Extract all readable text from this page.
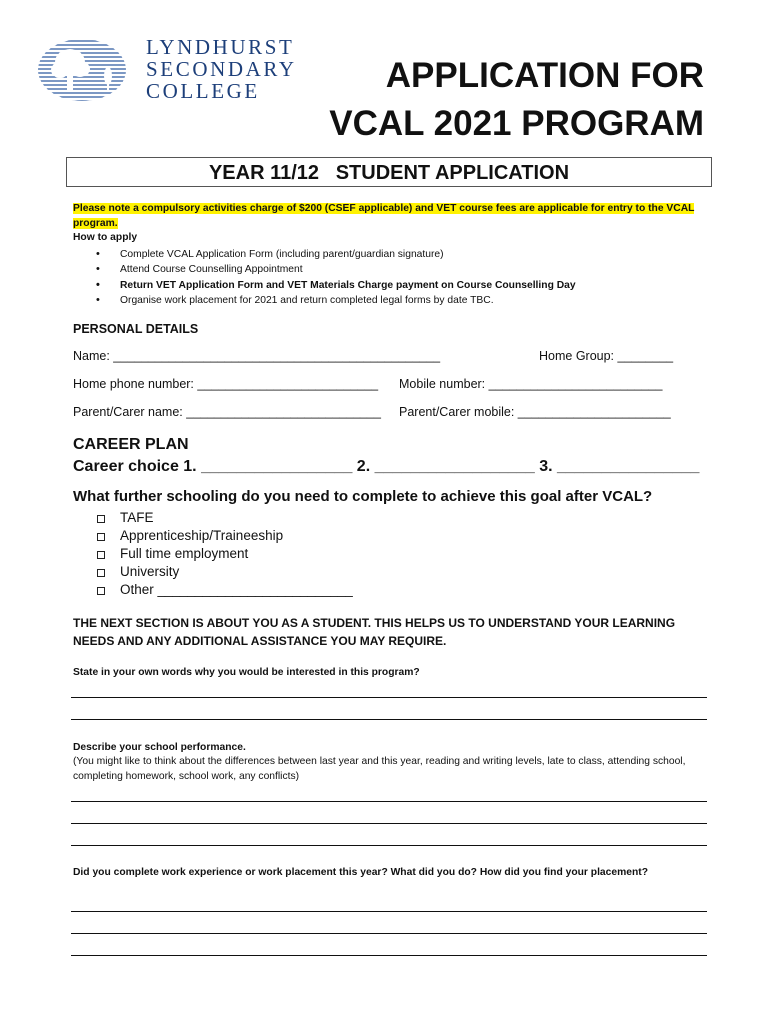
LYNDHURST
SECONDARY
COLLEGE	APPLICATION FOR
VCAL 2021 PROGRAM
YEAR 11/12   STUDENT APPLICATION
Please note a compulsory activities charge of $200 (CSEF applicable) and VET course fees are applicable for entry to the VCAL program.
How to apply
• Complete VCAL Application Form (including parent/guardian signature)
• Attend Course Counselling Appointment
• Return VET Application Form and VET Materials Charge payment on Course Counselling Day
• Organise work placement for 2021 and return completed legal forms by date TBC.
PERSONAL DETAILS
Name: _______________________________________________	Home Group: ________
Home phone number: __________________________ Mobile number: _________________________
Parent/Carer name: ____________________________ Parent/Carer mobile: ______________________
CAREER PLAN
Career choice 1. _________________ 2. __________________ 3. ________________
What further schooling do you need to complete to achieve this goal after VCAL?
TAFE
Apprenticeship/Traineeship
Full time employment
University
Other __________________________
THE NEXT SECTION IS ABOUT YOU AS A STUDENT. THIS HELPS US TO UNDERSTAND YOUR LEARNING NEEDS AND ANY ADDITIONAL ASSISTANCE YOU MAY REQUIRE.
State in your own words why you would be interested in this program?
Describe your school performance.
(You might like to think about the differences between last year and this year, reading and writing levels, late to class, attending school, completing homework, school work, any conflicts)
Did you complete work experience or work placement this year? What did you do? How did you find your placement?
